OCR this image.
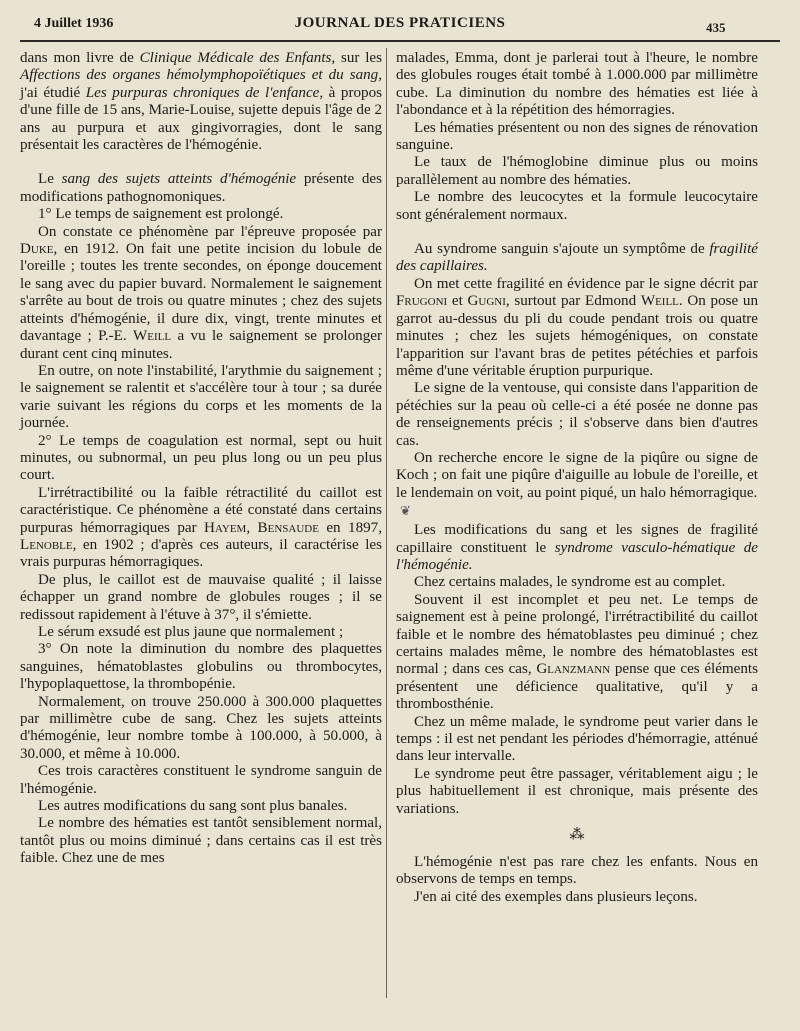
4 Juillet 1936	JOURNAL DES PRATICIENS	435

dans mon livre de Clinique Médicale des Enfants, sur les Affections des organes hémolymphopoïétiques et du sang, j'ai étudié Les purpuras chroniques de l'enfance, à propos d'une fille de 15 ans, Marie-Louise, sujette depuis l'âge de 2 ans au purpura et aux gingivorragies, dont le sang présentait les caractères de l'hémogénie.

Le sang des sujets atteints d'hémogénie présente des modifications pathognomoniques.

1° Le temps de saignement est prolongé.

On constate ce phénomène par l'épreuve proposée par Duke, en 1912. On fait une petite incision du lobule de l'oreille ; toutes les trente secondes, on éponge doucement le sang avec du papier buvard. Normalement le saignement s'arrête au bout de trois ou quatre minutes ; chez des sujets atteints d'hémogénie, il dure dix, vingt, trente minutes et davantage ; P.-E. Weill a vu le saignement se prolonger durant cent cinq minutes.

En outre, on note l'instabilité, l'arythmie du saignement ; le saignement se ralentit et s'accélère tour à tour ; sa durée varie suivant les régions du corps et les moments de la journée.

2° Le temps de coagulation est normal, sept ou huit minutes, ou subnormal, un peu plus long ou un peu plus court.

L'irrétractibilité ou la faible rétractilité du caillot est caractéristique. Ce phénomène a été constaté dans certains purpuras hémorragiques par Hayem, Bensaude en 1897, Lenoble, en 1902 ; d'après ces auteurs, il caractérise les vrais purpuras hémorragiques.

De plus, le caillot est de mauvaise qualité ; il laisse échapper un grand nombre de globules rouges ; il se redissout rapidement à l'étuve à 37°, il s'émiette.

Le sérum exsudé est plus jaune que normalement ;

3° On note la diminution du nombre des plaquettes sanguines, hématoblastes globulins ou thrombocytes, l'hypoplaquettose, la thrombopénie.

Normalement, on trouve 250.000 à 300.000 plaquettes par millimètre cube de sang. Chez les sujets atteints d'hémogénie, leur nombre tombe à 100.000, à 50.000, à 30.000, et même à 10.000.

Ces trois caractères constituent le syndrome sanguin de l'hémogénie.

Les autres modifications du sang sont plus banales.

Le nombre des hématies est tantôt sensiblement normal, tantôt plus ou moins diminué ; dans certains cas il est très faible. Chez une de mes

malades, Emma, dont je parlerai tout à l'heure, le nombre des globules rouges était tombé à 1.000.000 par millimètre cube. La diminution du nombre des hématies est liée à l'abondance et à la répétition des hémorragies.

Les hématies présentent ou non des signes de rénovation sanguine.

Le taux de l'hémoglobine diminue plus ou moins parallèlement au nombre des hématies.

Le nombre des leucocytes et la formule leucocytaire sont généralement normaux.

Au syndrome sanguin s'ajoute un symptôme de fragilité des capillaires.

On met cette fragilité en évidence par le signe décrit par Frugoni et Gugni, surtout par Edmond Weill. On pose un garrot au-dessus du pli du coude pendant trois ou quatre minutes ; chez les sujets hémogéniques, on constate l'apparition sur l'avant bras de petites pétéchies et parfois même d'une véritable éruption purpurique.

Le signe de la ventouse, qui consiste dans l'apparition de pétéchies sur la peau où celle-ci a été posée ne donne pas de renseignements précis ; il s'observe dans bien d'autres cas.

On recherche encore le signe de la piqûre ou signe de Koch ; on fait une piqûre d'aiguille au lobule de l'oreille, et le lendemain on voit, au point piqué, un halo hémorragique.

❦

Les modifications du sang et les signes de fragilité capillaire constituent le syndrome vasculo-hématique de l'hémogénie.

Chez certains malades, le syndrome est au complet.

Souvent il est incomplet et peu net. Le temps de saignement est à peine prolongé, l'irrétractibilité du caillot faible et le nombre des hématoblastes peu diminué ; chez certains malades même, le nombre des hématoblastes est normal ; dans ces cas, Glanzmann pense que ces éléments présentent une déficience qualitative, qu'il y a thrombosthénie.

Chez un même malade, le syndrome peut varier dans le temps : il est net pendant les périodes d'hémorragie, atténué dans leur intervalle.

Le syndrome peut être passager, véritablement aigu ; le plus habituellement il est chronique, mais présente des variations.

⁂

L'hémogénie n'est pas rare chez les enfants. Nous en observons de temps en temps.

J'en ai cité des exemples dans plusieurs leçons.
